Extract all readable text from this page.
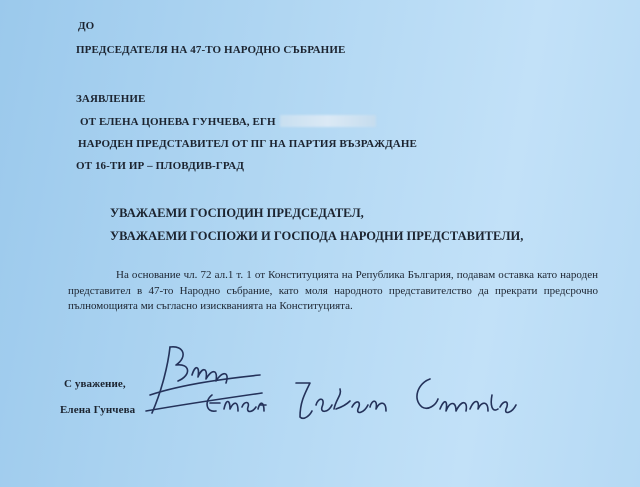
ДО
ПРЕДСЕДАТЕЛЯ НА 47-ТО НАРОДНО СЪБРАНИЕ
ЗАЯВЛЕНИЕ
ОТ ЕЛЕНА ЦОНЕВА ГУНЧЕВА, ЕГН
НАРОДЕН ПРЕДСТАВИТЕЛ ОТ ПГ НА ПАРТИЯ ВЪЗРАЖДАНЕ
ОТ 16-ТИ ИР – ПЛОВДИВ-ГРАД
УВАЖАЕМИ ГОСПОДИН ПРЕДСЕДАТЕЛ,
УВАЖАЕМИ ГОСПОЖИ И ГОСПОДА НАРОДНИ ПРЕДСТАВИТЕЛИ,
На основание чл. 72 ал.1 т. 1 от Конституцията на Република България, подавам оставка като народен представител в 47-то Народно събрание, като моля народното представителство да прекрати предсрочно пълномощията ми съгласно изискванията на Конституцията.
С уважение,
Елена Гунчева
